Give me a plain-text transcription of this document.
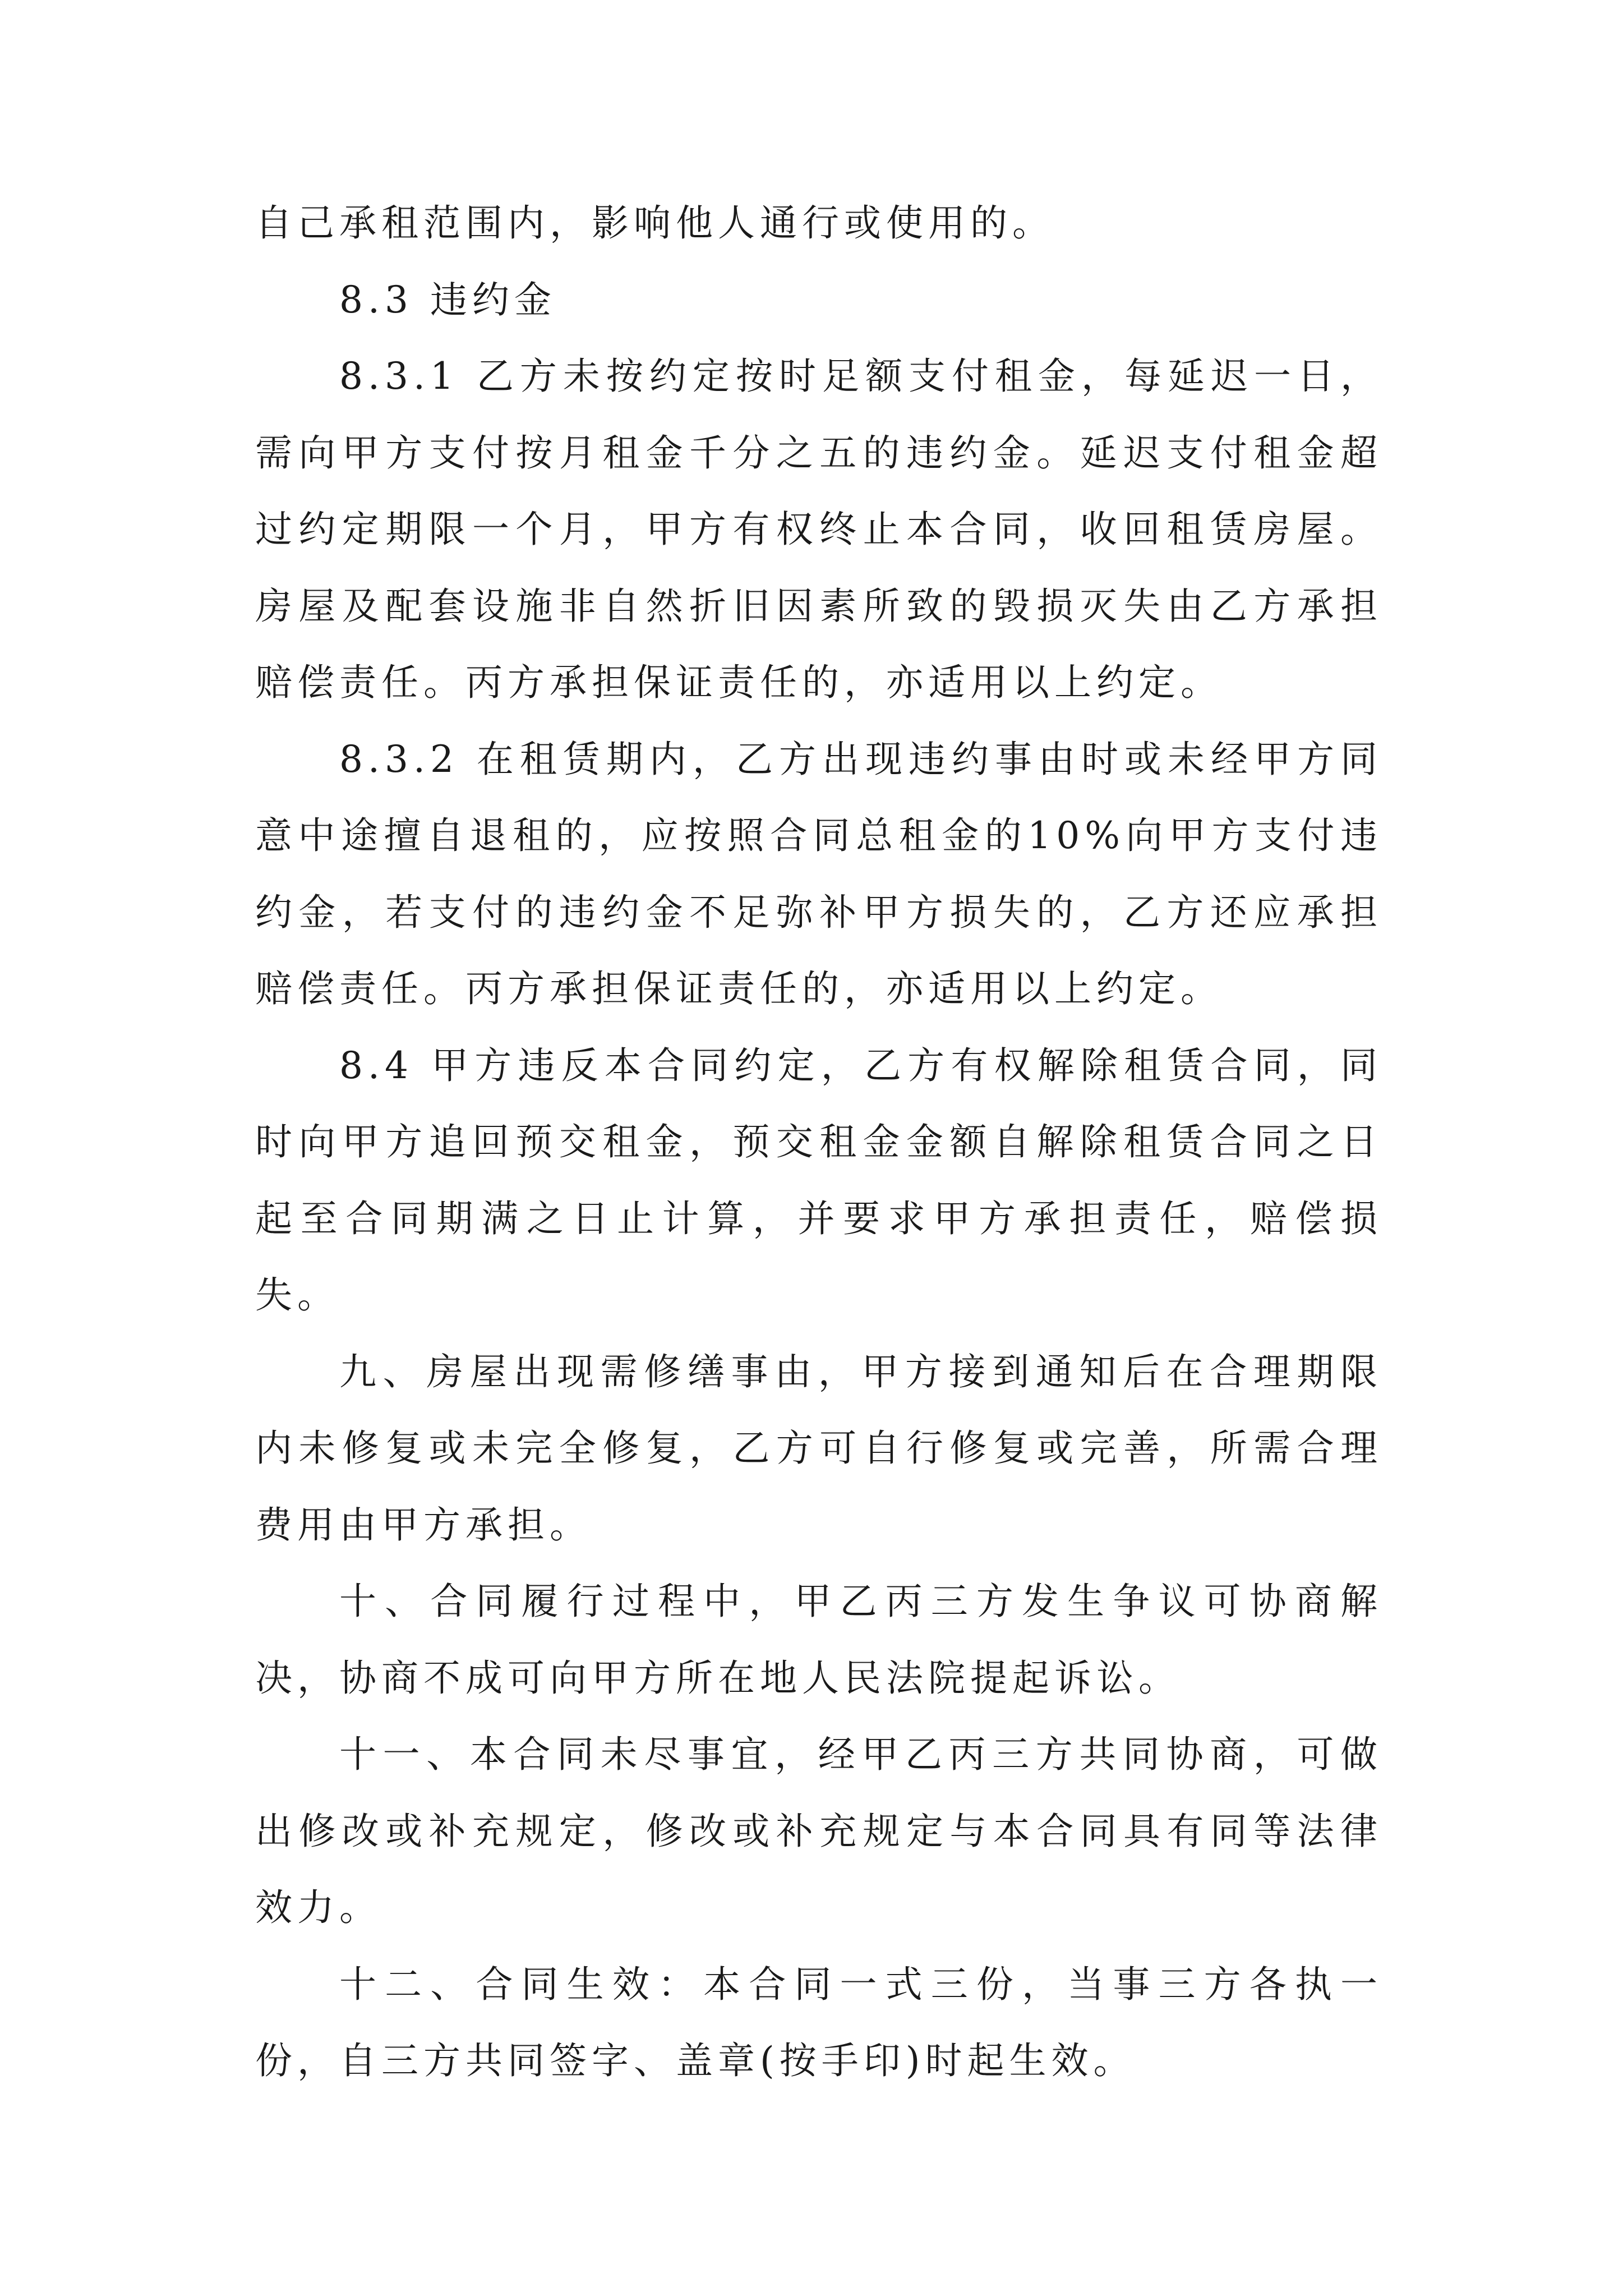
自己承租范围内，影响他人通行或使用的。

8.3 违约金

8.3.1 乙方未按约定按时足额支付租金，每延迟一日，需向甲方支付按月租金千分之五的违约金。延迟支付租金超过约定期限一个月，甲方有权终止本合同，收回租赁房屋。房屋及配套设施非自然折旧因素所致的毁损灭失由乙方承担赔偿责任。丙方承担保证责任的，亦适用以上约定。

8.3.2 在租赁期内，乙方出现违约事由时或未经甲方同意中途擅自退租的，应按照合同总租金的10%向甲方支付违约金，若支付的违约金不足弥补甲方损失的，乙方还应承担赔偿责任。丙方承担保证责任的，亦适用以上约定。

8.4 甲方违反本合同约定，乙方有权解除租赁合同，同时向甲方追回预交租金，预交租金金额自解除租赁合同之日起至合同期满之日止计算，并要求甲方承担责任，赔偿损失。

九、房屋出现需修缮事由，甲方接到通知后在合理期限内未修复或未完全修复，乙方可自行修复或完善，所需合理费用由甲方承担。

十、合同履行过程中，甲乙丙三方发生争议可协商解决，协商不成可向甲方所在地人民法院提起诉讼。

十一、本合同未尽事宜，经甲乙丙三方共同协商，可做出修改或补充规定，修改或补充规定与本合同具有同等法律效力。

十二、合同生效：本合同一式三份，当事三方各执一份，自三方共同签字、盖章(按手印)时起生效。
